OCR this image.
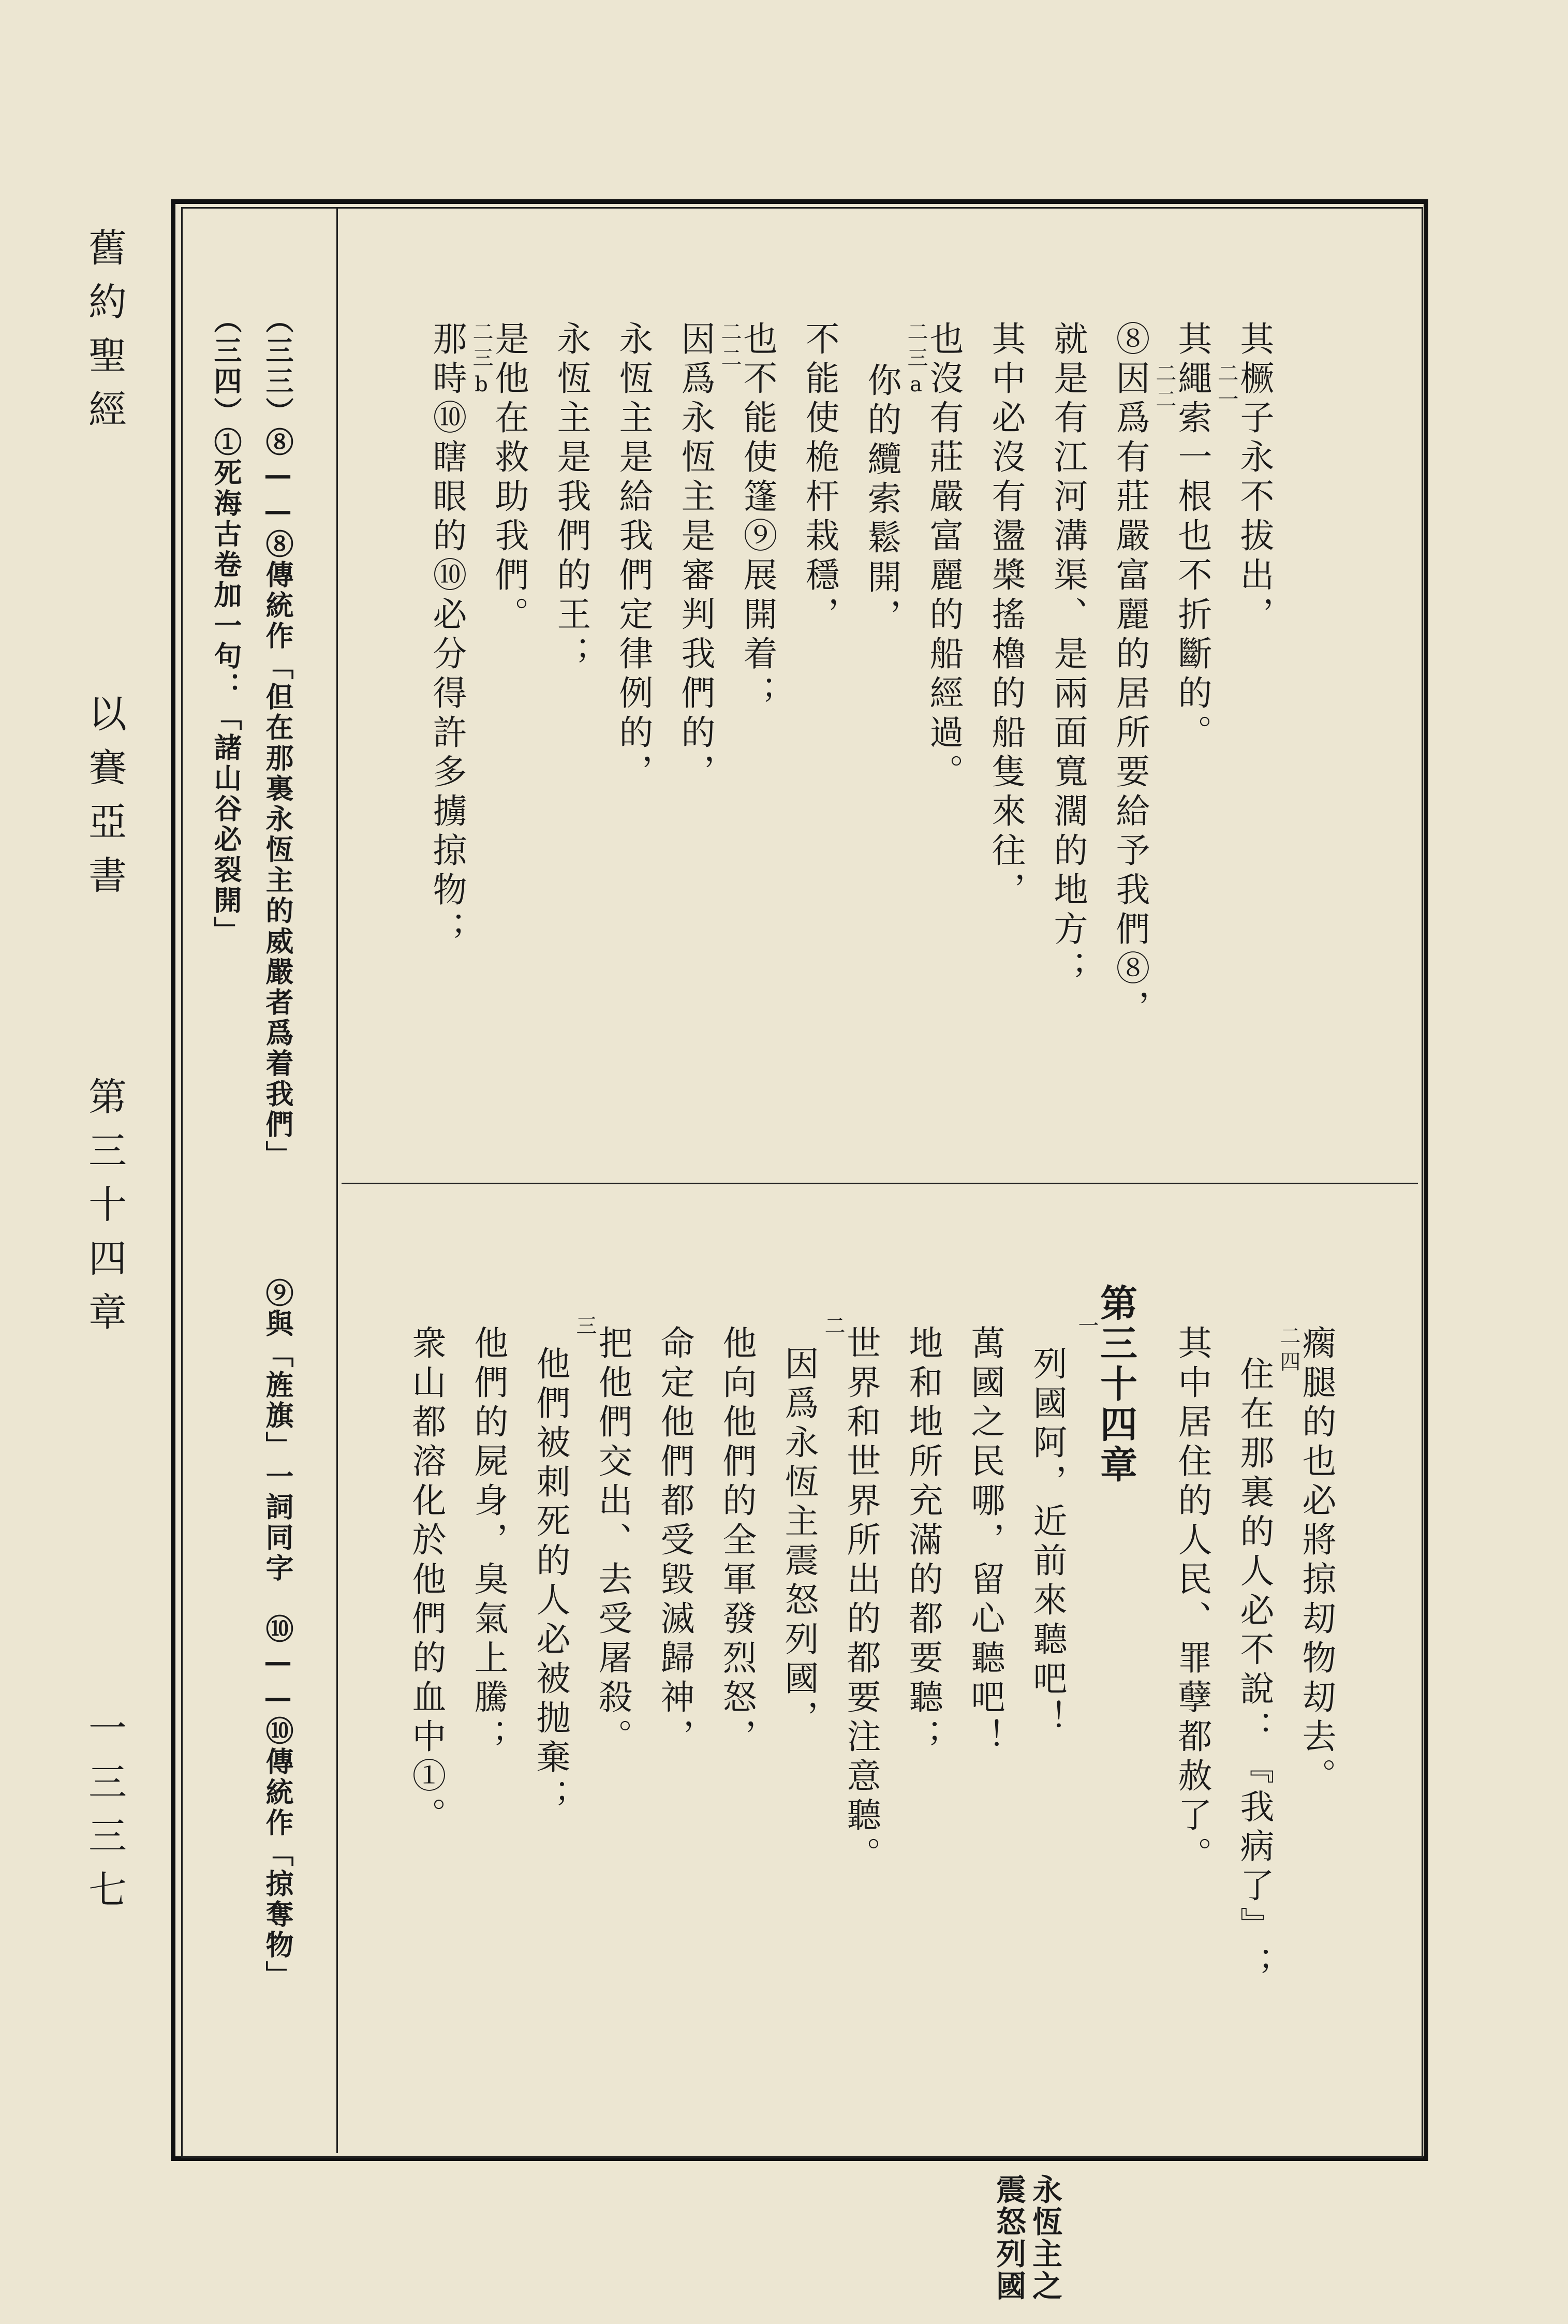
舊約聖經
以賽亞書
第三十四章
一三三七
其橛子永不拔出，
二一
其繩索一根也不折斷的。
二二
⑧因爲有莊嚴富麗的居所要給予我們⑧，
就是有江河溝渠、是兩面寬濶的地方；
其中必沒有盪槳搖櫓的船隻來往，
也沒有莊嚴富麗的船經過。
二三a
你的纜索鬆開，
不能使桅杆栽穩，
也不能使篷⑨展開着；
二二
因爲永恆主是審判我們的，
永恆主是給我們定律例的，
永恆主是我們的王；
是他在救助我們。
二三b
那時⑩瞎眼的⑩必分得許多擄掠物；
瘸腿的也必將掠刧物刧去。
二四
住在那裏的人必不說：『我病了』；
其中居住的人民、罪孽都赦了。
第三十四章
一
列國阿，近前來聽吧！
萬國之民哪，留心聽吧！
地和地所充滿的都要聽；
世界和世界所出的都要注意聽。
二
因爲永恆主震怒列國，
他向他們的全軍發烈怒，
命定他們都受毀滅歸神，
把他們交出、去受屠殺。
三
他們被刺死的人必被抛棄；
他們的屍身，臭氣上騰；
衆山都溶化於他們的血中①。
（三三）⑧——⑧傳統作「但在那裏永恆主的威嚴者爲着我們」
⑨與「旌旗」一詞同字　⑩——⑩傳統作「掠奪物」
（三四）①死海古卷加一句：「諸山谷必裂開」
永恆主之
震怒列國
